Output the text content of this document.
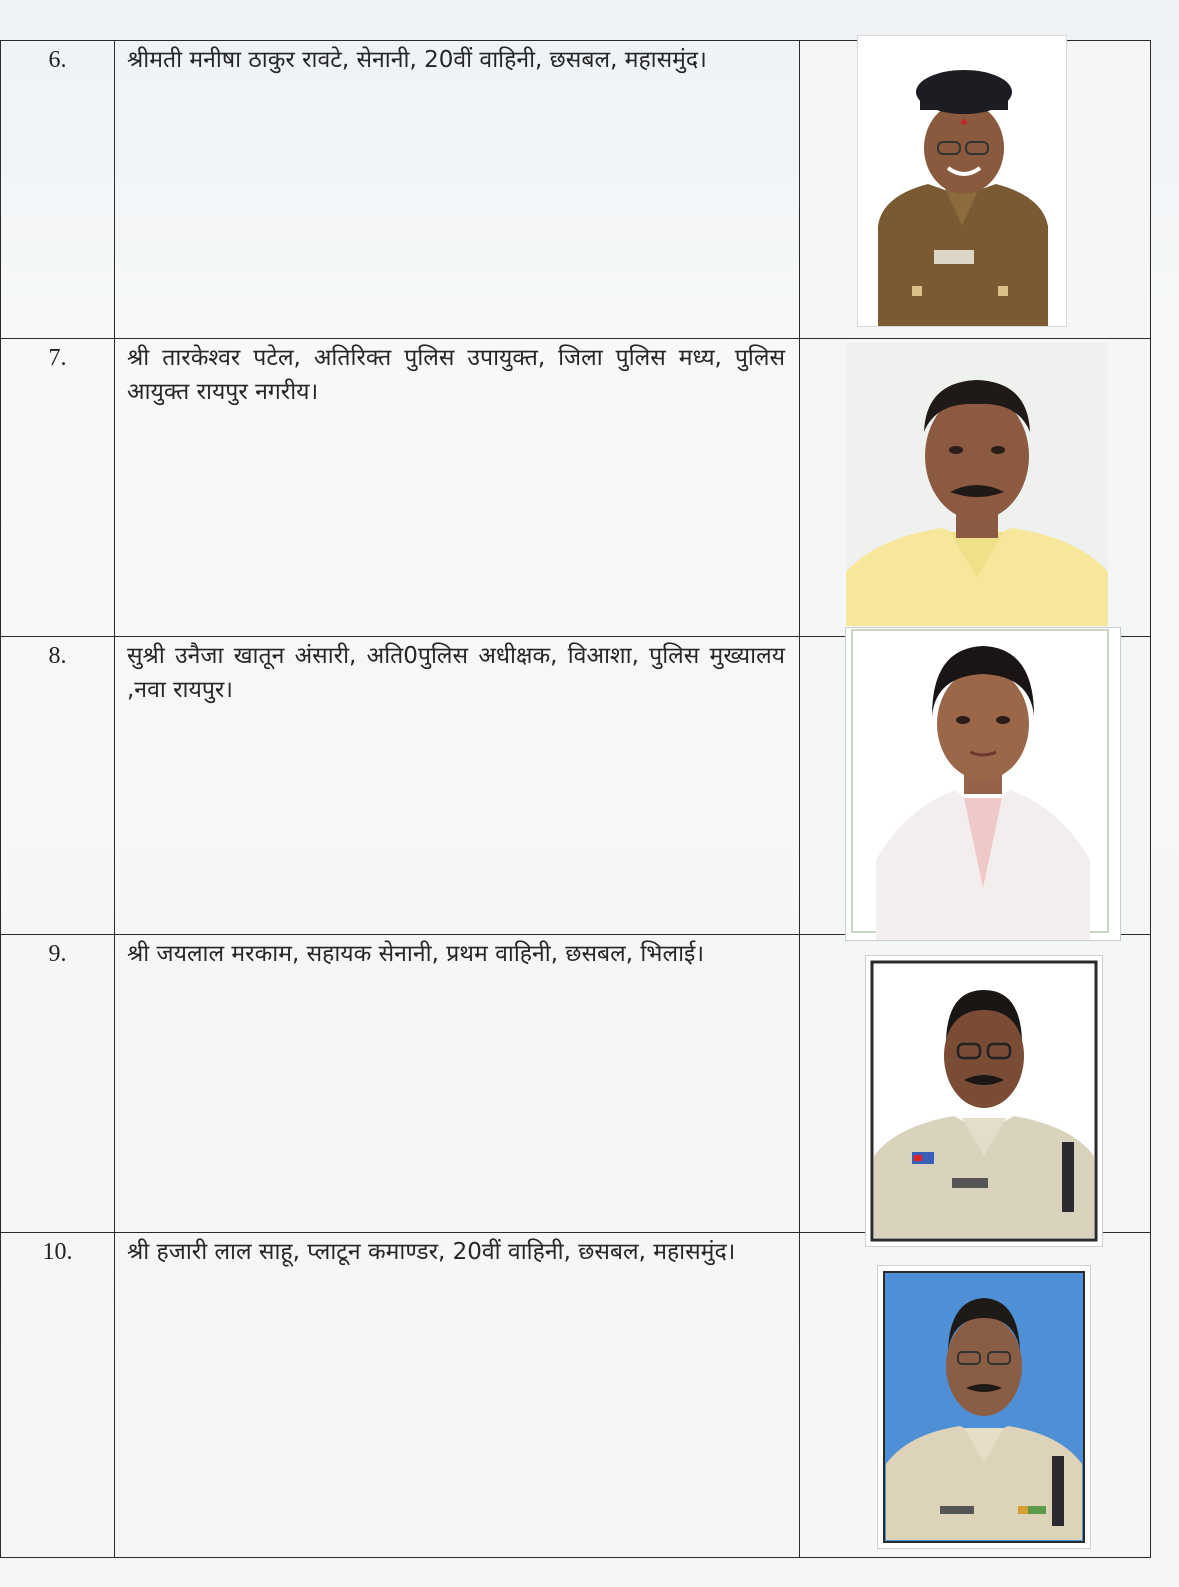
6.	श्रीमती मनीषा ठाकुर रावटे, सेनानी, 20वीं वाहिनी, छसबल, महासमुंद।	
7.	श्री तारकेश्वर पटेल, अतिरिक्त पुलिस उपायुक्त, जिला पुलिस मध्य, पुलिस आयुक्त रायपुर नगरीय।	
8.	सुश्री उनैजा खातून अंसारी, अति0पुलिस अधीक्षक, विआशा, पुलिस मुख्यालय ,नवा रायपुर।	
9.	श्री जयलाल मरकाम, सहायक सेनानी, प्रथम वाहिनी, छसबल, भिलाई।	
10.	श्री हजारी लाल साहू, प्लाटून कमाण्डर, 20वीं वाहिनी, छसबल, महासमुंद।	
